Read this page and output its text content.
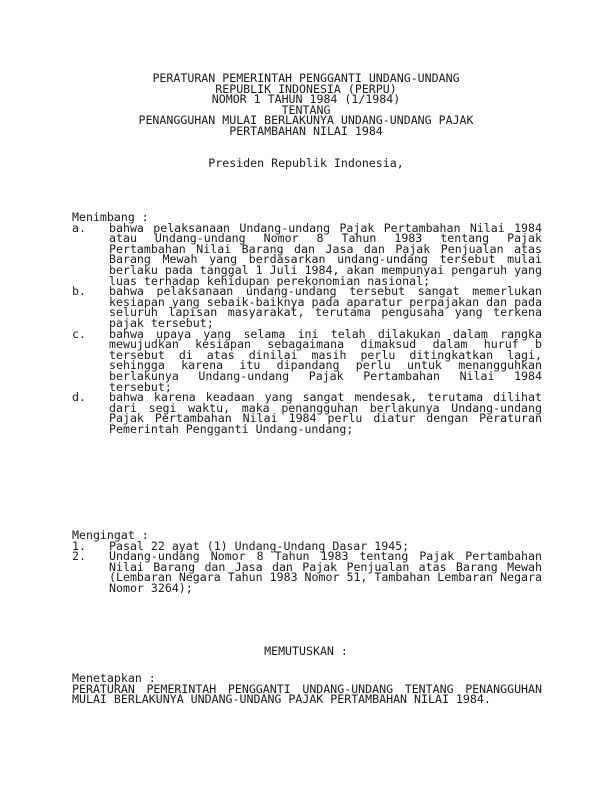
PERATURAN PEMERINTAH PENGGANTI UNDANG-UNDANG
REPUBLIK INDONESIA (PERPU)
NOMOR 1 TAHUN 1984 (1/1984)
TENTANG
PENANGGUHAN MULAI BERLAKUNYA UNDANG-UNDANG PAJAK
PERTAMBAHAN NILAI 1984
Presiden Republik Indonesia,
Menimbang :
a. bahwa pelaksanaan Undang-undang Pajak Pertambahan Nilai 1984 atau Undang-undang Nomor 8 Tahun 1983 tentang Pajak Pertambahan Nilai Barang dan Jasa dan Pajak Penjualan atas Barang Mewah yang berdasarkan undang-undang tersebut mulai berlaku pada tanggal 1 Juli 1984, akan mempunyai pengaruh yang luas terhadap kehidupan perekonomian nasional;
b. bahwa pelaksanaan undang-undang tersebut sangat memerlukan kesiapan yang sebaik-baiknya pada aparatur perpajakan dan pada seluruh lapisan masyarakat, terutama pengusaha yang terkena pajak tersebut;
c. bahwa upaya yang selama ini telah dilakukan dalam rangka mewujudkan kesiapan sebagaimana dimaksud dalam huruf b tersebut di atas dinilai masih perlu ditingkatkan lagi, sehingga karena itu dipandang perlu untuk menangguhkan berlakunya Undang-undang Pajak Pertambahan Nilai 1984 tersebut;
d. bahwa karena keadaan yang sangat mendesak, terutama dilihat dari segi waktu, maka penangguhan berlakunya Undang-undang Pajak Pertambahan Nilai 1984 perlu diatur dengan Peraturan Pemerintah Pengganti Undang-undang;
Mengingat :
1. Pasal 22 ayat (1) Undang-Undang Dasar 1945;
2. Undang-undang Nomor 8 Tahun 1983 tentang Pajak Pertambahan Nilai Barang dan Jasa dan Pajak Penjualan atas Barang Mewah (Lembaran Negara Tahun 1983 Nomor 51, Tambahan Lembaran Negara Nomor 3264);
MEMUTUSKAN :
Menetapkan :
PERATURAN PEMERINTAH PENGGANTI UNDANG-UNDANG TENTANG PENANGGUHAN MULAI BERLAKUNYA UNDANG-UNDANG PAJAK PERTAMBAHAN NILAI 1984.
